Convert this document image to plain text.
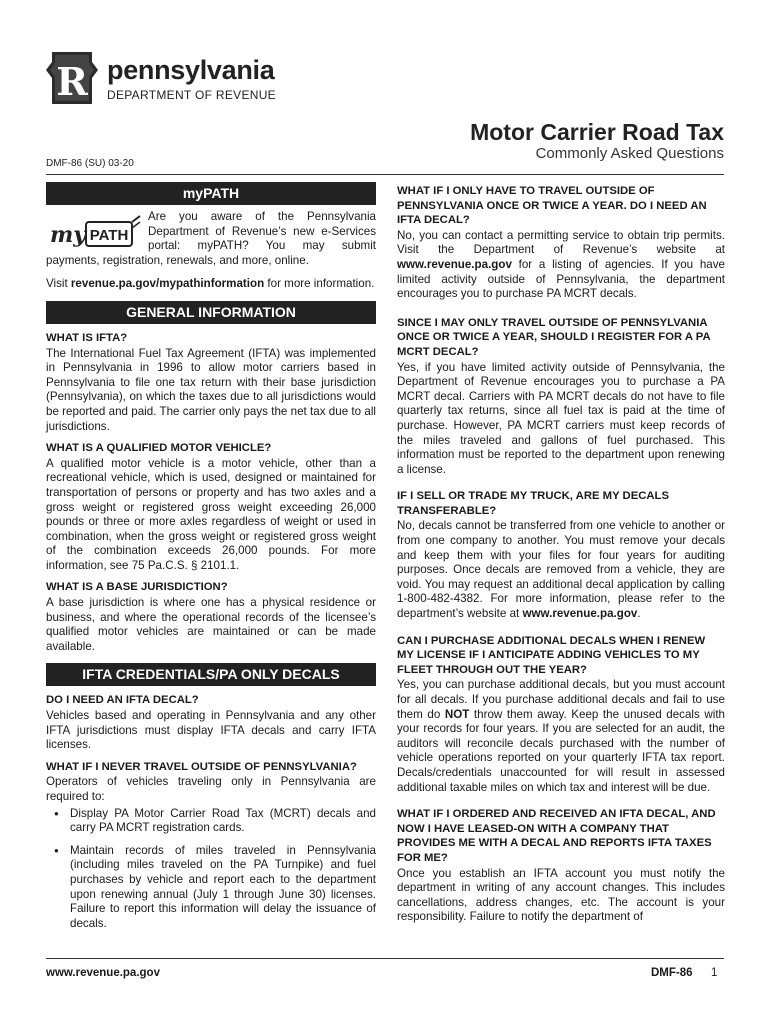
R pennsylvania
DEPARTMENT OF REVENUE
Motor Carrier Road Tax
Commonly Asked Questions
DMF-86 (SU) 03-20
myPATH
my PATH

Are you aware of the Pennsylvania Department of Revenue’s new e-Services portal: myPATH? You may submit payments, registration, renewals, and more, online.

Visit revenue.pa.gov/mypathinformation for more information.

GENERAL INFORMATION
WHAT IS IFTA?

The International Fuel Tax Agreement (IFTA) was implemented in Pennsylvania in 1996 to allow motor carriers based in Pennsylvania to file one tax return with their base jurisdiction (Pennsylvania), on which the taxes due to all jurisdictions would be reported and paid. The carrier only pays the net tax due to all jurisdictions.

WHAT IS A QUALIFIED MOTOR VEHICLE?

A qualified motor vehicle is a motor vehicle, other than a recreational vehicle, which is used, designed or maintained for transportation of persons or property and has two axles and a gross weight or registered gross weight exceeding 26,000 pounds or three or more axles regardless of weight or used in combination, when the gross weight or registered gross weight of the combination exceeds 26,000 pounds. For more information, see 75 Pa.C.S. § 2101.1.

WHAT IS A BASE JURISDICTION?

A base jurisdiction is where one has a physical residence or business, and where the operational records of the licensee’s qualified motor vehicles are maintained or can be made available.

IFTA CREDENTIALS/PA ONLY DECALS
DO I NEED AN IFTA DECAL?

Vehicles based and operating in Pennsylvania and any other IFTA jurisdictions must display IFTA decals and carry IFTA licenses.

WHAT IF I NEVER TRAVEL OUTSIDE OF PENNSYLVANIA?

Operators of vehicles traveling only in Pennsylvania are required to:

● Display PA Motor Carrier Road Tax (MCRT) decals and carry PA MCRT registration cards.
● Maintain records of miles traveled in Pennsylvania (including miles traveled on the PA Turnpike) and fuel purchases by vehicle and report each to the department upon renewing annual (July 1 through June 30) licenses. Failure to report this information will delay the issuance of decals.
WHAT IF I ONLY HAVE TO TRAVEL OUTSIDE OF PENNSYLVANIA ONCE OR TWICE A YEAR. DO I NEED AN IFTA DECAL?

No, you can contact a permitting service to obtain trip permits. Visit the Department of Revenue’s website at www.revenue.pa.gov for a listing of agencies. If you have limited activity outside of Pennsylvania, the department encourages you to purchase PA MCRT decals.

SINCE I MAY ONLY TRAVEL OUTSIDE OF PENNSYLVANIA ONCE OR TWICE A YEAR, SHOULD I REGISTER FOR A PA MCRT DECAL?

Yes, if you have limited activity outside of Pennsylvania, the Department of Revenue encourages you to purchase a PA MCRT decal. Carriers with PA MCRT decals do not have to file quarterly tax returns, since all fuel tax is paid at the time of purchase. However, PA MCRT carriers must keep records of the miles traveled and gallons of fuel purchased. This information must be reported to the department upon renewing a license.

IF I SELL OR TRADE MY TRUCK, ARE MY DECALS TRANSFERABLE?

No, decals cannot be transferred from one vehicle to another or from one company to another. You must remove your decals and keep them with your files for four years for auditing purposes. Once decals are removed from a vehicle, they are void. You may request an additional decal application by calling 1-800-482-4382. For more information, please refer to the department’s website at www.revenue.pa.gov.

CAN I PURCHASE ADDITIONAL DECALS WHEN I RENEW MY LICENSE IF I ANTICIPATE ADDING VEHICLES TO MY FLEET THROUGH OUT THE YEAR?

Yes, you can purchase additional decals, but you must account for all decals. If you purchase additional decals and fail to use them do NOT throw them away. Keep the unused decals with your records for four years. If you are selected for an audit, the auditors will reconcile decals purchased with the number of vehicle operations reported on your quarterly IFTA tax report. Decals/credentials unaccounted for will result in assessed additional taxable miles on which tax and interest will be due.

WHAT IF I ORDERED AND RECEIVED AN IFTA DECAL, AND NOW I HAVE LEASED-ON WITH A COMPANY THAT PROVIDES ME WITH A DECAL AND REPORTS IFTA TAXES FOR ME?

Once you establish an IFTA account you must notify the department in writing of any account changes. This includes cancellations, address changes, etc. The account is your responsibility. Failure to notify the department of

www.revenue.pa.gov	DMF-86 1
